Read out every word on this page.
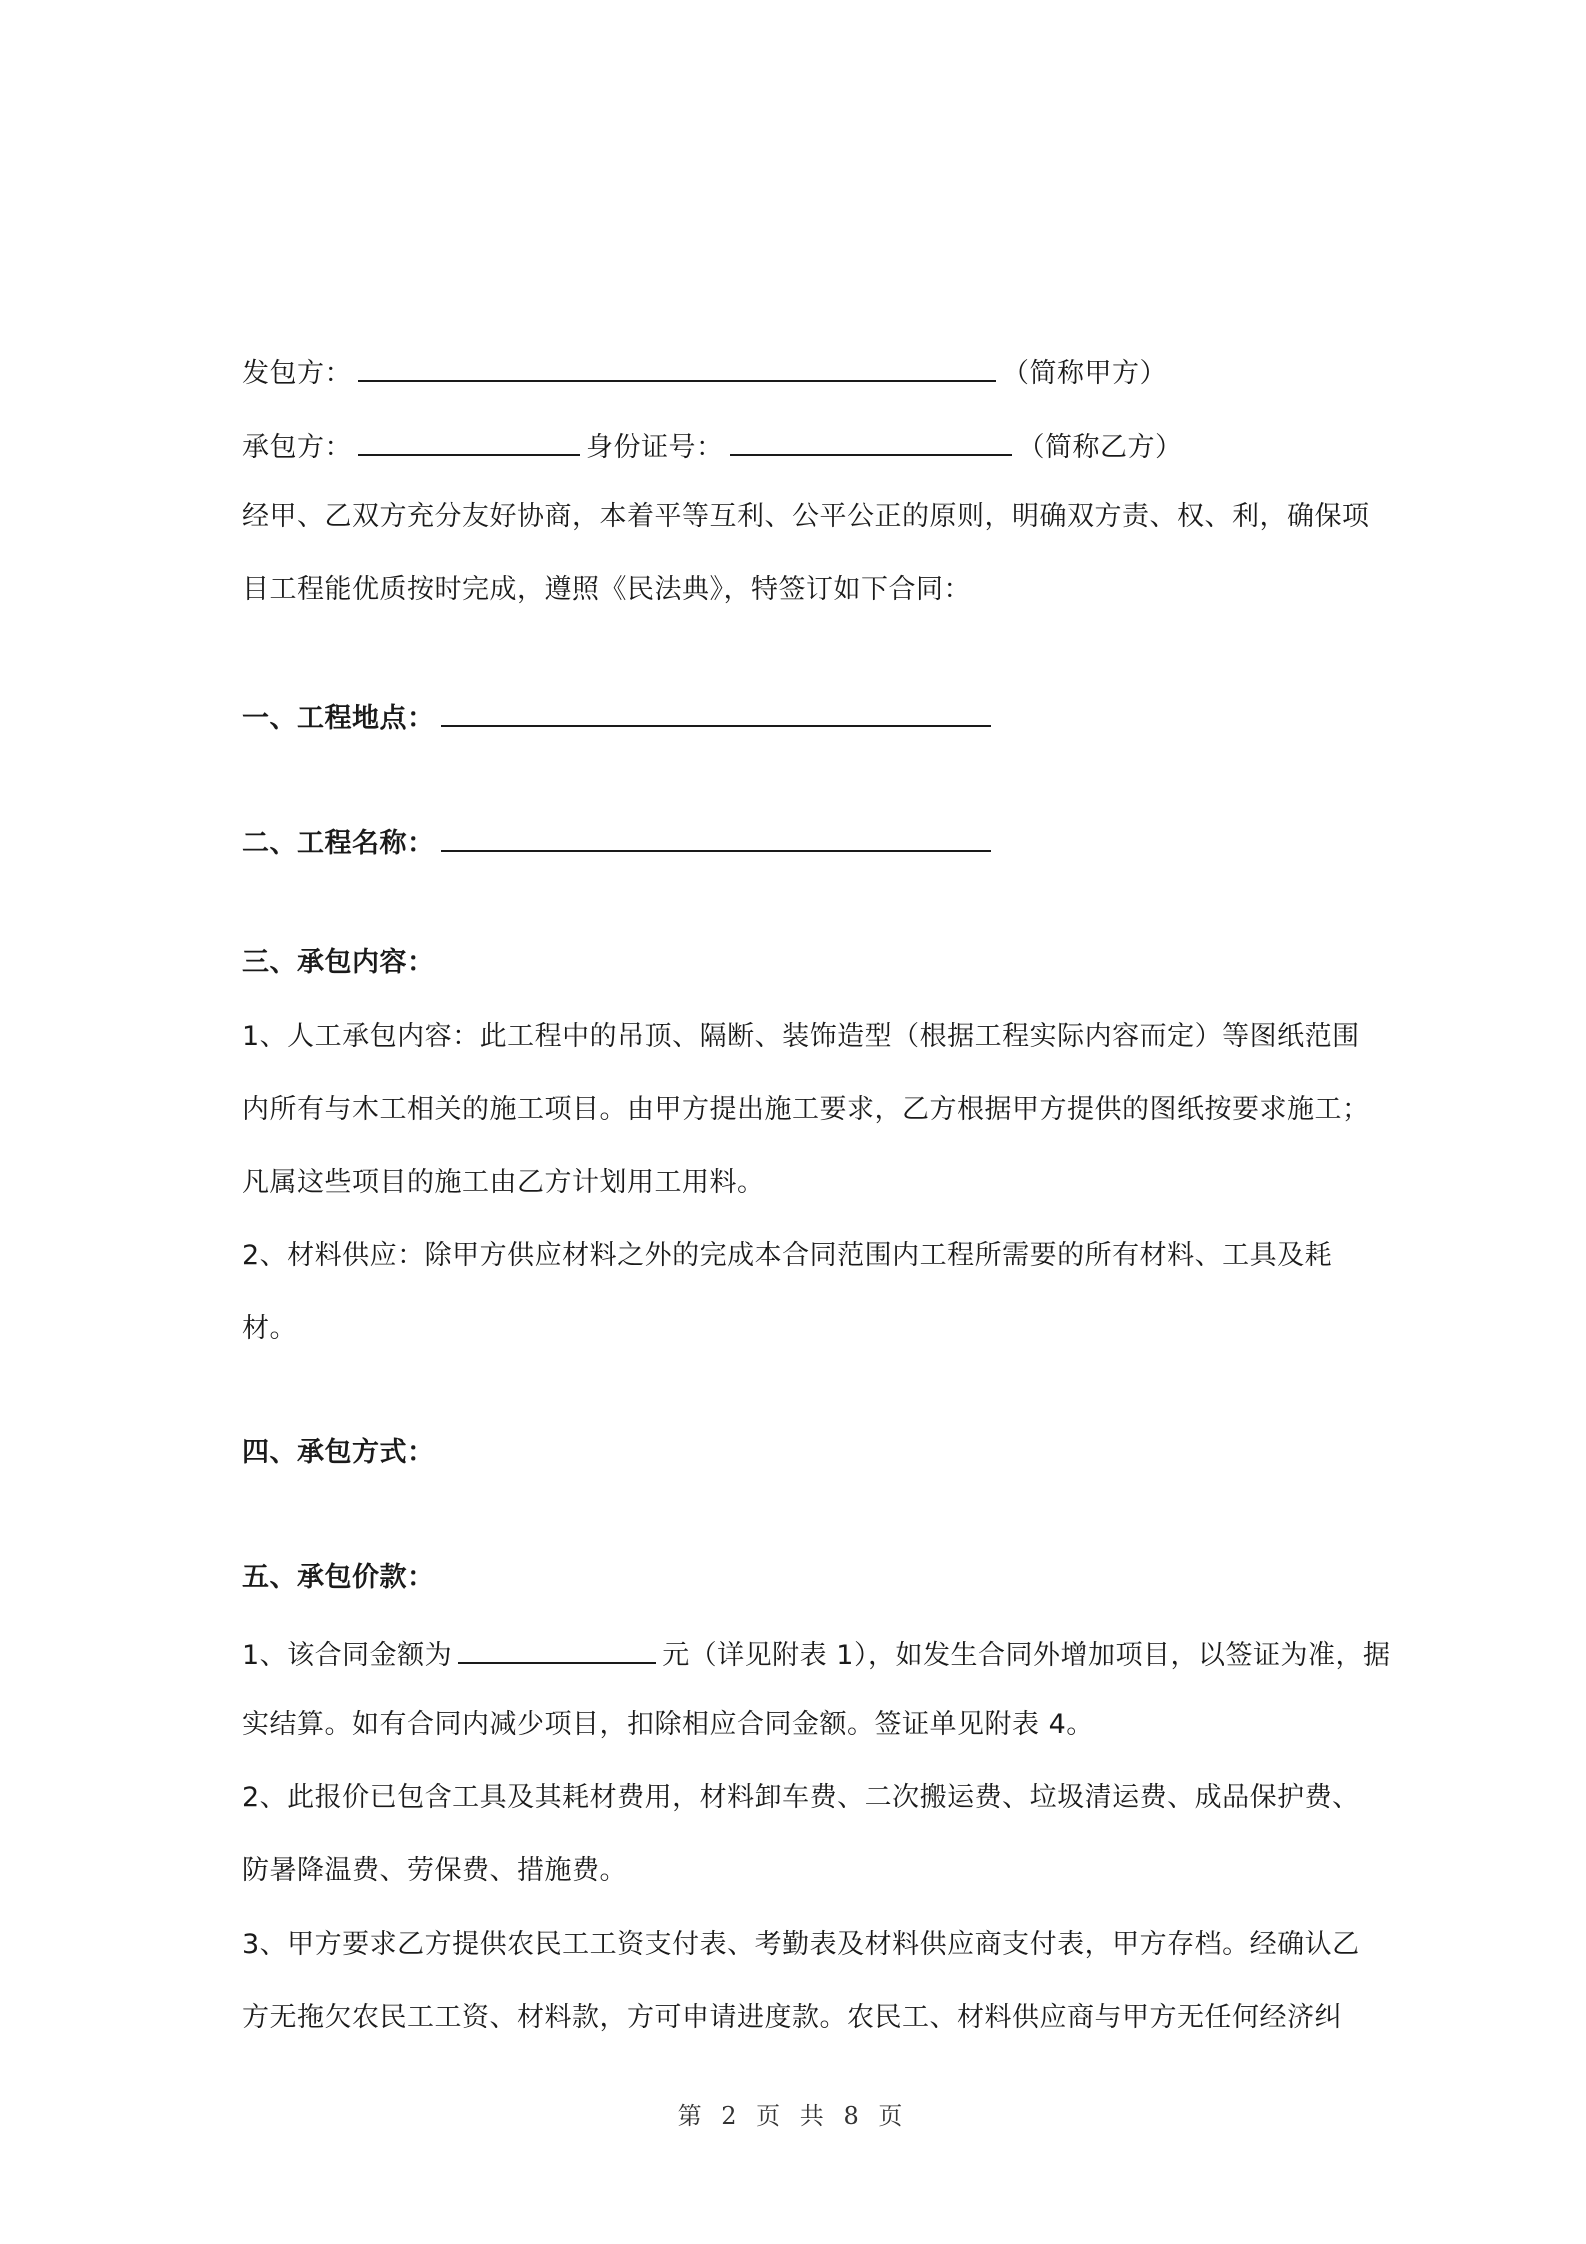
发包方：	（简称甲方）
承包方：	身份证号：	（简称乙方）
经甲、乙双方充分友好协商，本着平等互利、公平公正的原则，明确双方责、权、利，确保项
目工程能优质按时完成，遵照《民法典》，特签订如下合同：
一、工程地点：
二、工程名称：
三、承包内容：
1、人工承包内容：此工程中的吊顶、隔断、装饰造型（根据工程实际内容而定）等图纸范围
内所有与木工相关的施工项目。由甲方提出施工要求，乙方根据甲方提供的图纸按要求施工；
凡属这些项目的施工由乙方计划用工用料。
2、材料供应：除甲方供应材料之外的完成本合同范围内工程所需要的所有材料、工具及耗
材。
四、承包方式：
五、承包价款：
1、该合同金额为	元（详见附表 1），如发生合同外增加项目，以签证为准，据
实结算。如有合同内减少项目，扣除相应合同金额。签证单见附表 4。
2、此报价已包含工具及其耗材费用，材料卸车费、二次搬运费、垃圾清运费、成品保护费、
防暑降温费、劳保费、措施费。
3、甲方要求乙方提供农民工工资支付表、考勤表及材料供应商支付表，甲方存档。经确认乙
方无拖欠农民工工资、材料款，方可申请进度款。农民工、材料供应商与甲方无任何经济纠
第 2 页 共 8 页
